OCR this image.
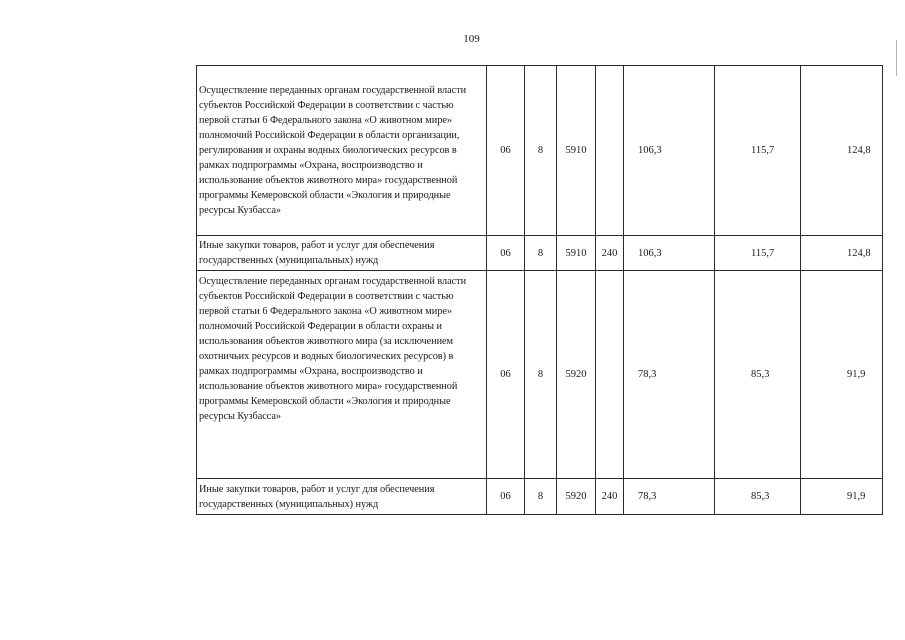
109
Осуществление переданных органам государственной власти субъектов Российской Федерации в соответствии с частью первой статьи 6 Федерального закона «О животном мире» полномочий Российской Федерации в области организации, регулирования и охраны водных биологических ресурсов в рамках подпрограммы «Охрана, воспроизводство и использование объектов животного мира» государственной программы Кемеровской области «Экология и природные ресурсы Кузбасса»	06	8	5910		106,3	115,7	124,8
Иные закупки товаров, работ и услуг для обеспечения государственных (муниципальных) нужд	06	8	5910	240	106,3	115,7	124,8
Осуществление переданных органам государственной власти субъектов Российской Федерации в соответствии с частью первой статьи 6 Федерального закона «О животном мире» полномочий Российской Федерации в области охраны и использования объектов животного мира (за исключением охотничьих ресурсов и водных биологических ресурсов) в рамках подпрограммы «Охрана, воспроизводство и использование объектов животного мира» государственной программы Кемеровской области «Экология и природные ресурсы Кузбасса»	06	8	5920		78,3	85,3	91,9
Иные закупки товаров, работ и услуг для обеспечения государственных (муниципальных) нужд	06	8	5920	240	78,3	85,3	91,9
